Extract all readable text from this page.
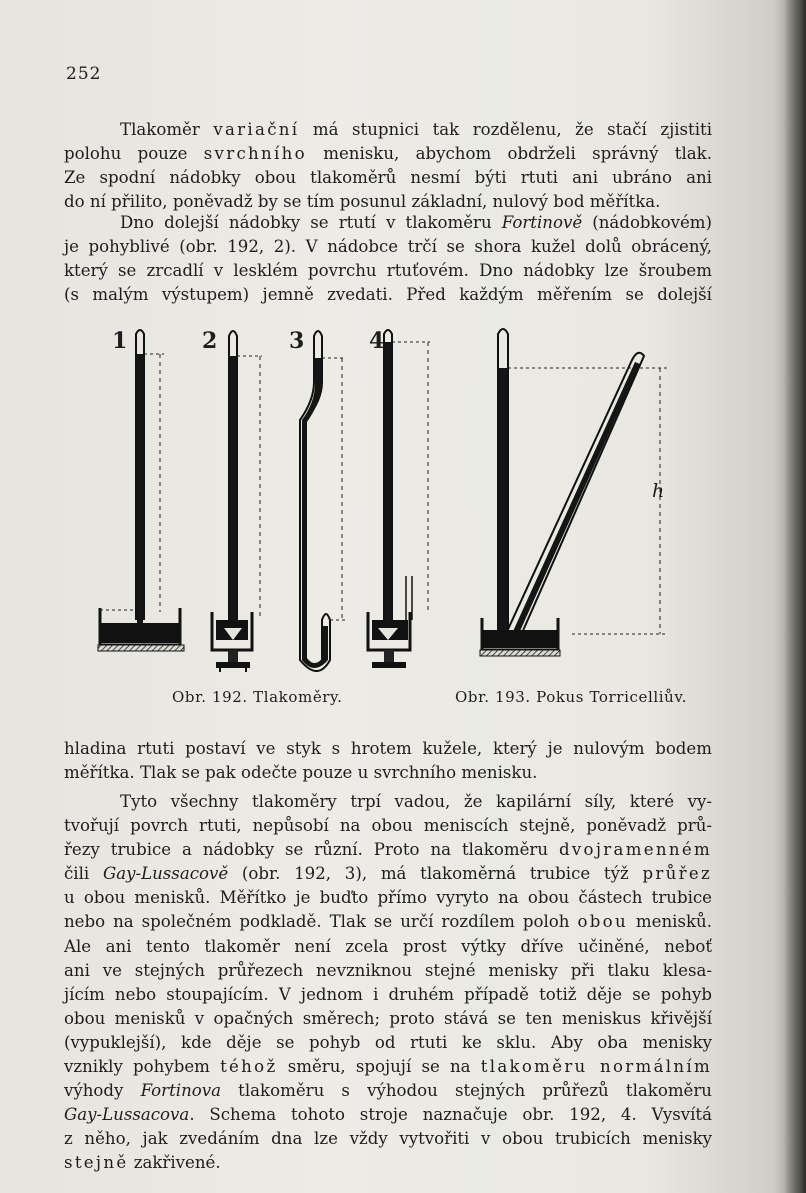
252
Tlakoměr variační má stupnici tak rozdělenu, že stačí zjistiti
polohu pouze svrchního menisku, abychom obdrželi správný tlak.
Ze spodní nádobky obou tlakoměrů nesmí býti rtuti ani ubráno ani
do ní přilito, poněvadž by se tím posunul základní, nulový bod měřítka.
Dno dolejší nádobky se rtutí v tlakoměru Fortinově (nádobkovém)
je pohyblivé (obr. 192, 2). V nádobce trčí se shora kužel dolů obrácený,
který se zrcadlí v lesklém povrchu rtuťovém. Dno nádobky lze šroubem
(s malým výstupem) jemně zvedati. Před každým měřením se dolejší
1	2	3	4
h
Obr. 192. Tlakoměry.	Obr. 193. Pokus Torricelliův.
hladina rtuti postaví ve styk s hrotem kužele, který je nulovým bodem
měřítka. Tlak se pak odečte pouze u svrchního menisku.
Tyto všechny tlakoměry trpí vadou, že kapilární síly, které vy-
tvořují povrch rtuti, nepůsobí na obou meniscích stejně, poněvadž prů-
řezy trubice a nádobky se různí. Proto na tlakoměru dvojramenném
čili Gay-Lussacově (obr. 192, 3), má tlakoměrná trubice týž průřez
u obou menisků. Měřítko je buďto přímo vyryto na obou částech trubice
nebo na společném podkladě. Tlak se určí rozdílem poloh obou menisků.
Ale ani tento tlakoměr není zcela prost výtky dříve učiněné, neboť
ani ve stejných průřezech nevzniknou stejné menisky při tlaku klesa-
jícím nebo stoupajícím. V jednom i druhém případě totiž děje se pohyb
obou menisků v opačných směrech; proto stává se ten meniskus křivější
(vypuklejší), kde děje se pohyb od rtuti ke sklu. Aby oba menisky
vznikly pohybem téhož směru, spojují se na tlakoměru normálním
výhody Fortinova tlakoměru s výhodou stejných průřezů tlakoměru
Gay-Lussacova. Schema tohoto stroje naznačuje obr. 192, 4. Vysvítá
z něho, jak zvedáním dna lze vždy vytvořiti v obou trubicích menisky
stejně zakřivené.
